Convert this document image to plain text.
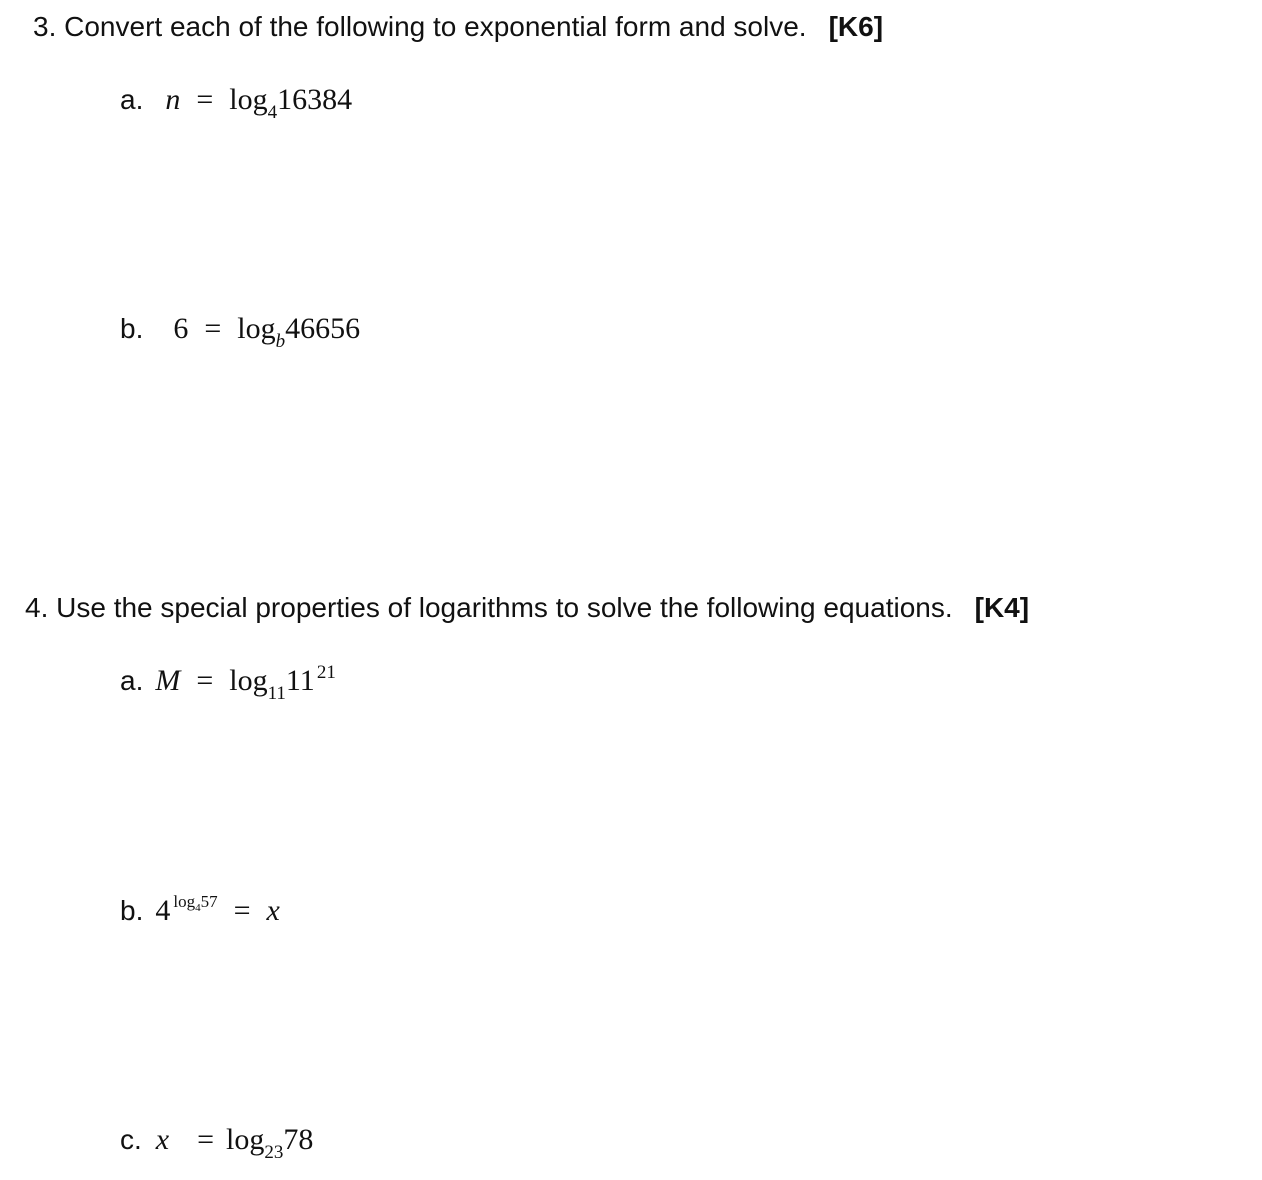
3. Convert each of the following to exponential form and solve. [K6]
a. $n = \log_416384$
b. $6 = \log_b46656$
4. Use the special properties of logarithms to solve the following equations. [K4]
a. $M = \log_{11}11$ $^{21}$
b. 4 $^{log_457}$ = x
c. $x = \log_{23}78$
